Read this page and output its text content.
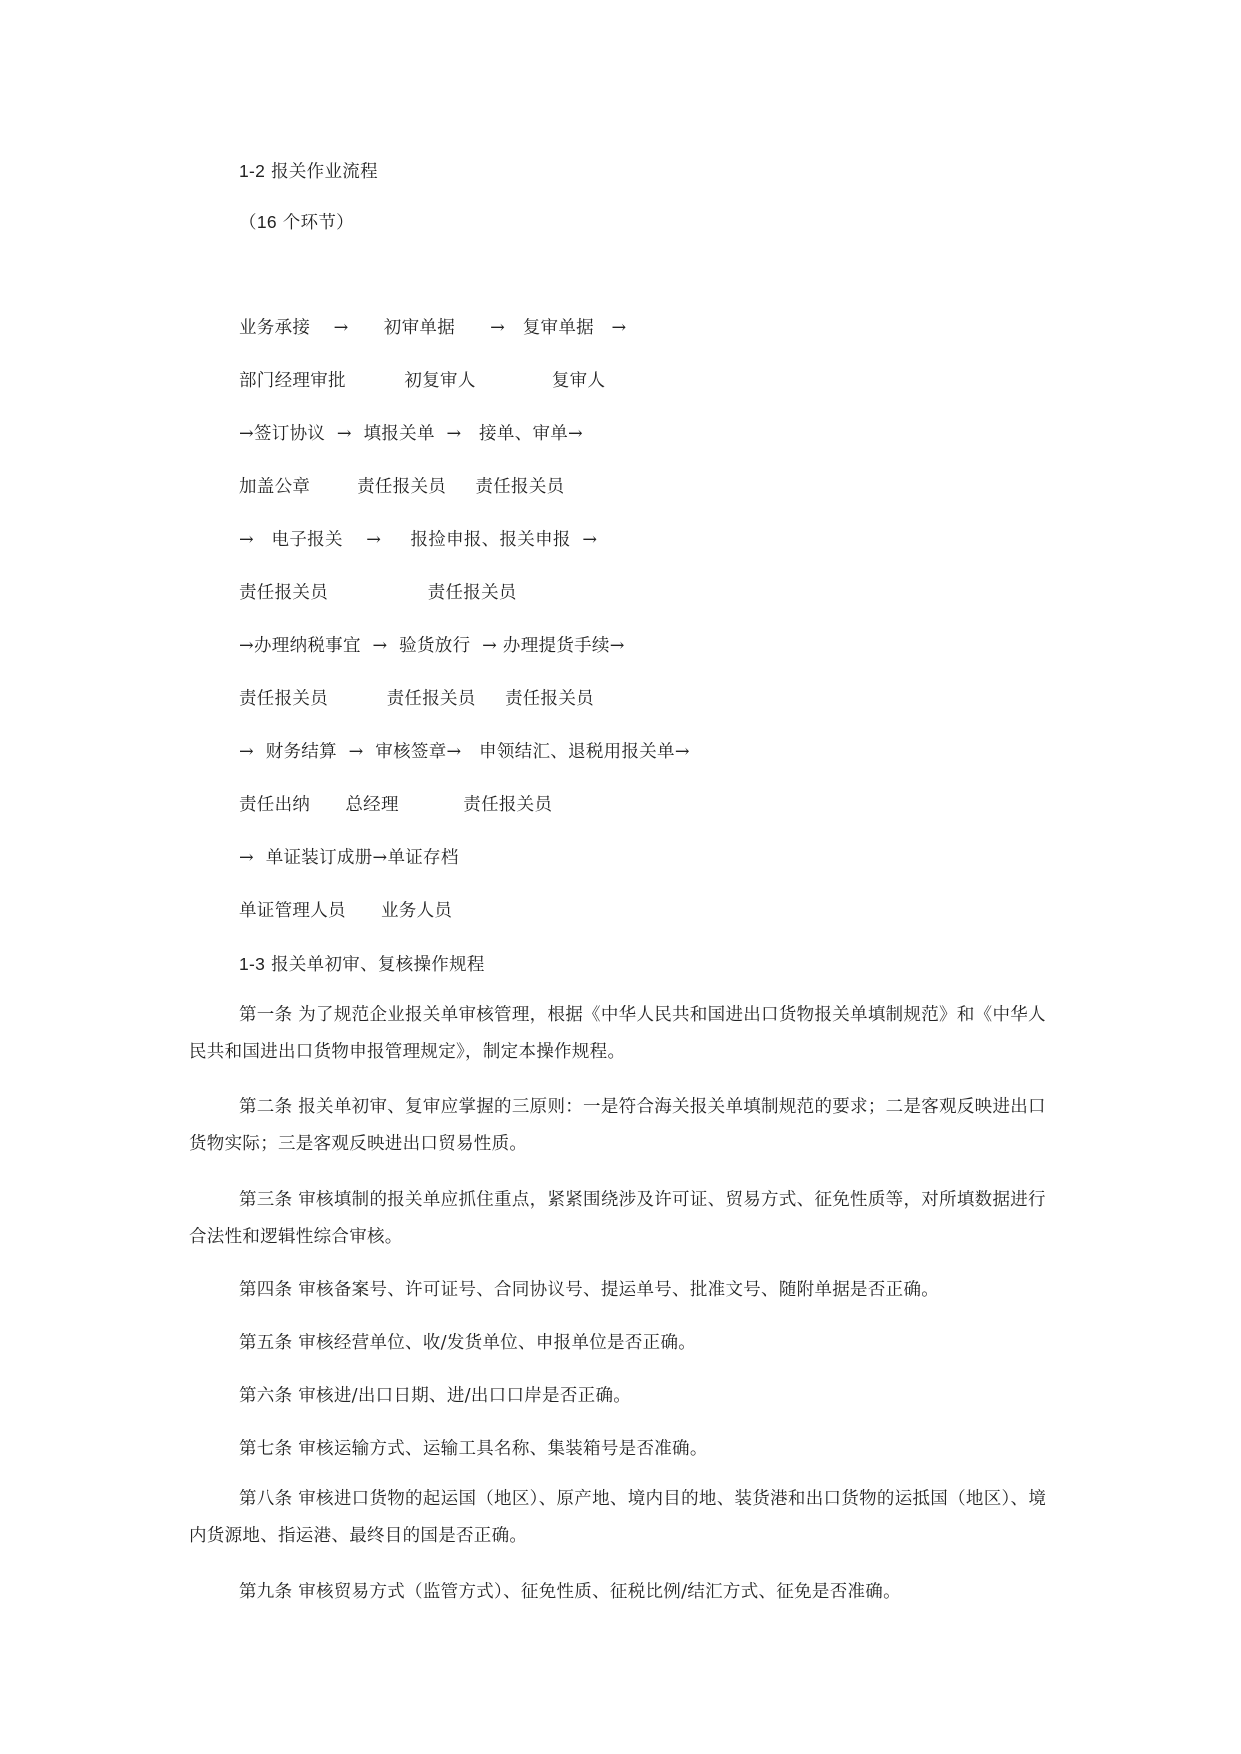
1-2 报关作业流程
（16 个环节）
业务承接    →      初审单据      →   复审单据   →
部门经理审批          初复审人             复审人
→签订协议  →  填报关单  →   接单、审单→
加盖公章        责任报关员     责任报关员
→   电子报关    →     报捡申报、报关申报  →
责任报关员                 责任报关员
→办理纳税事宜  →  验货放行  → 办理提货手续→
责任报关员          责任报关员     责任报关员
→  财务结算  →  审核签章→   申领结汇、退税用报关单→
责任出纳      总经理           责任报关员
→  单证装订成册→单证存档
单证管理人员      业务人员
1-3 报关单初审、复核操作规程

第一条 为了规范企业报关单审核管理，根据《中华人民共和国进出口货物报关单填制规范》和《中华人民共和国进出口货物申报管理规定》，制定本操作规程。

第二条 报关单初审、复审应掌握的三原则：一是符合海关报关单填制规范的要求；二是客观反映进出口货物实际；三是客观反映进出口贸易性质。

第三条 审核填制的报关单应抓住重点，紧紧围绕涉及许可证、贸易方式、征免性质等，对所填数据进行合法性和逻辑性综合审核。

第四条 审核备案号、许可证号、合同协议号、提运单号、批准文号、随附单据是否正确。

第五条 审核经营单位、收/发货单位、申报单位是否正确。

第六条 审核进/出口日期、进/出口口岸是否正确。

第七条 审核运输方式、运输工具名称、集装箱号是否准确。

第八条 审核进口货物的起运国（地区）、原产地、境内目的地、装货港和出口货物的运抵国（地区）、境内货源地、指运港、最终目的国是否正确。

第九条 审核贸易方式（监管方式）、征免性质、征税比例/结汇方式、征免是否准确。
